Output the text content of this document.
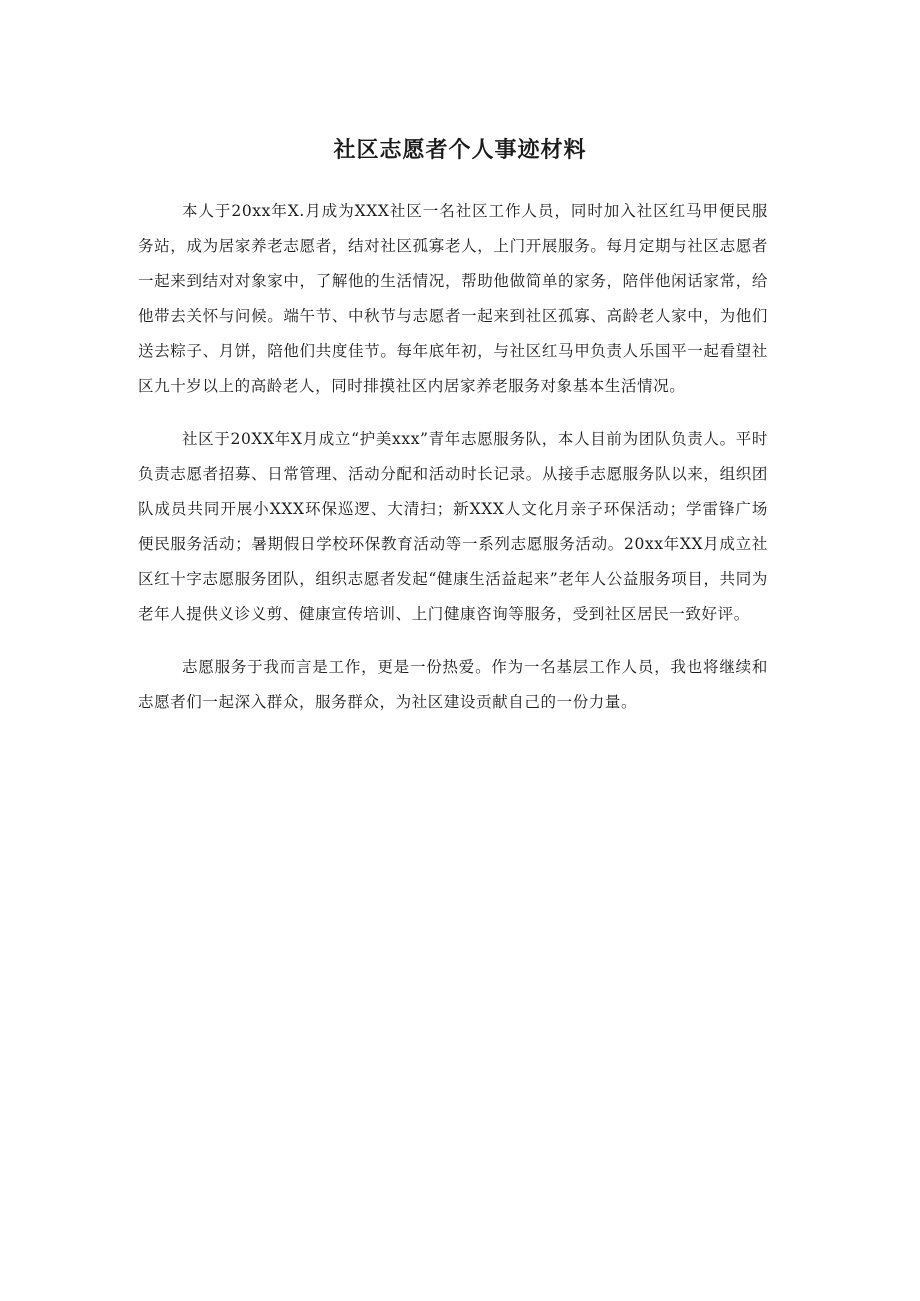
社区志愿者个人事迹材料

本人于20xx年X.月成为XXX社区一名社区工作人员，同时加入社区红马甲便民服务站，成为居家养老志愿者，结对社区孤寡老人，上门开展服务。每月定期与社区志愿者一起来到结对对象家中，了解他的生活情况，帮助他做简单的家务，陪伴他闲话家常，给他带去关怀与问候。端午节、中秋节与志愿者一起来到社区孤寡、高龄老人家中，为他们送去粽子、月饼，陪他们共度佳节。每年底年初，与社区红马甲负责人乐国平一起看望社区九十岁以上的高龄老人，同时排摸社区内居家养老服务对象基本生活情况。

社区于20XX年X月成立“护美xxx”青年志愿服务队，本人目前为团队负责人。平时负责志愿者招募、日常管理、活动分配和活动时长记录。从接手志愿服务队以来，组织团队成员共同开展小XXX环保巡逻、大清扫；新XXX人文化月亲子环保活动；学雷锋广场便民服务活动；暑期假日学校环保教育活动等一系列志愿服务活动。20xx年XX月成立社区红十字志愿服务团队，组织志愿者发起“健康生活益起来”老年人公益服务项目，共同为老年人提供义诊义剪、健康宣传培训、上门健康咨询等服务，受到社区居民一致好评。

志愿服务于我而言是工作，更是一份热爱。作为一名基层工作人员，我也将继续和志愿者们一起深入群众，服务群众，为社区建设贡献自己的一份力量。
